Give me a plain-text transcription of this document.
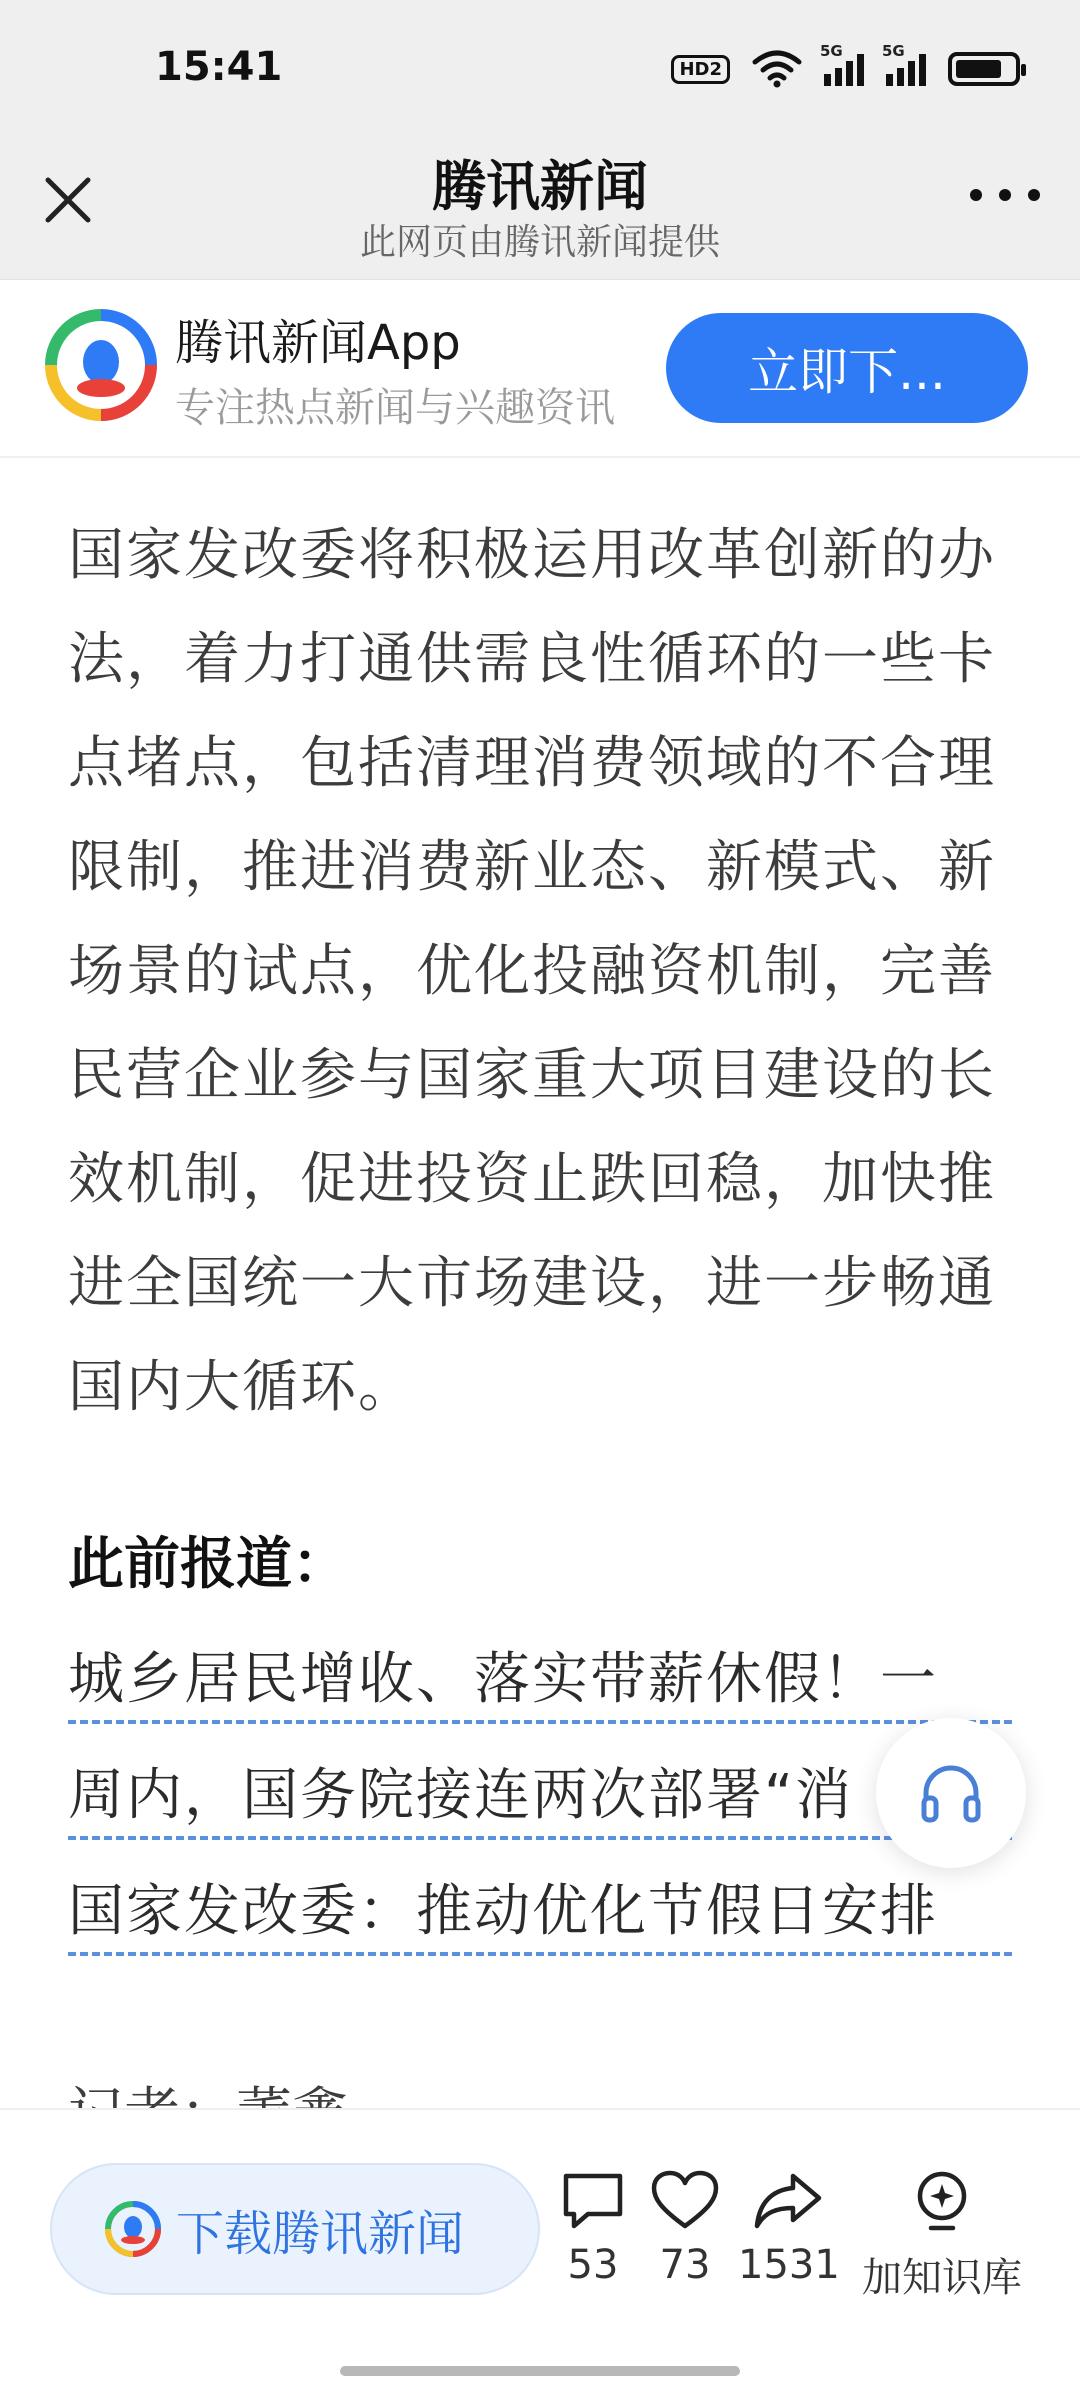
15:41	HD2
5G	5G
腾讯新闻
此网页由腾讯新闻提供
腾讯新闻App
专注热点新闻与兴趣资讯
立即下...

国家发改委将积极运用改革创新的办法，着力打通供需良性循环的一些卡点堵点，包括清理消费领域的不合理限制，推进消费新业态、新模式、新场景的试点，优化投融资机制，完善民营企业参与国家重大项目建设的长效机制，促进投资止跌回稳，加快推进全国统一大市场建设，进一步畅通国内大循环。

此前报道：
城乡居民增收、落实带薪休假！一
周内，国务院接连两次部署“消
国家发改委：推动优化节假日安排
下载腾讯新闻
53 73 1531 加知识库
